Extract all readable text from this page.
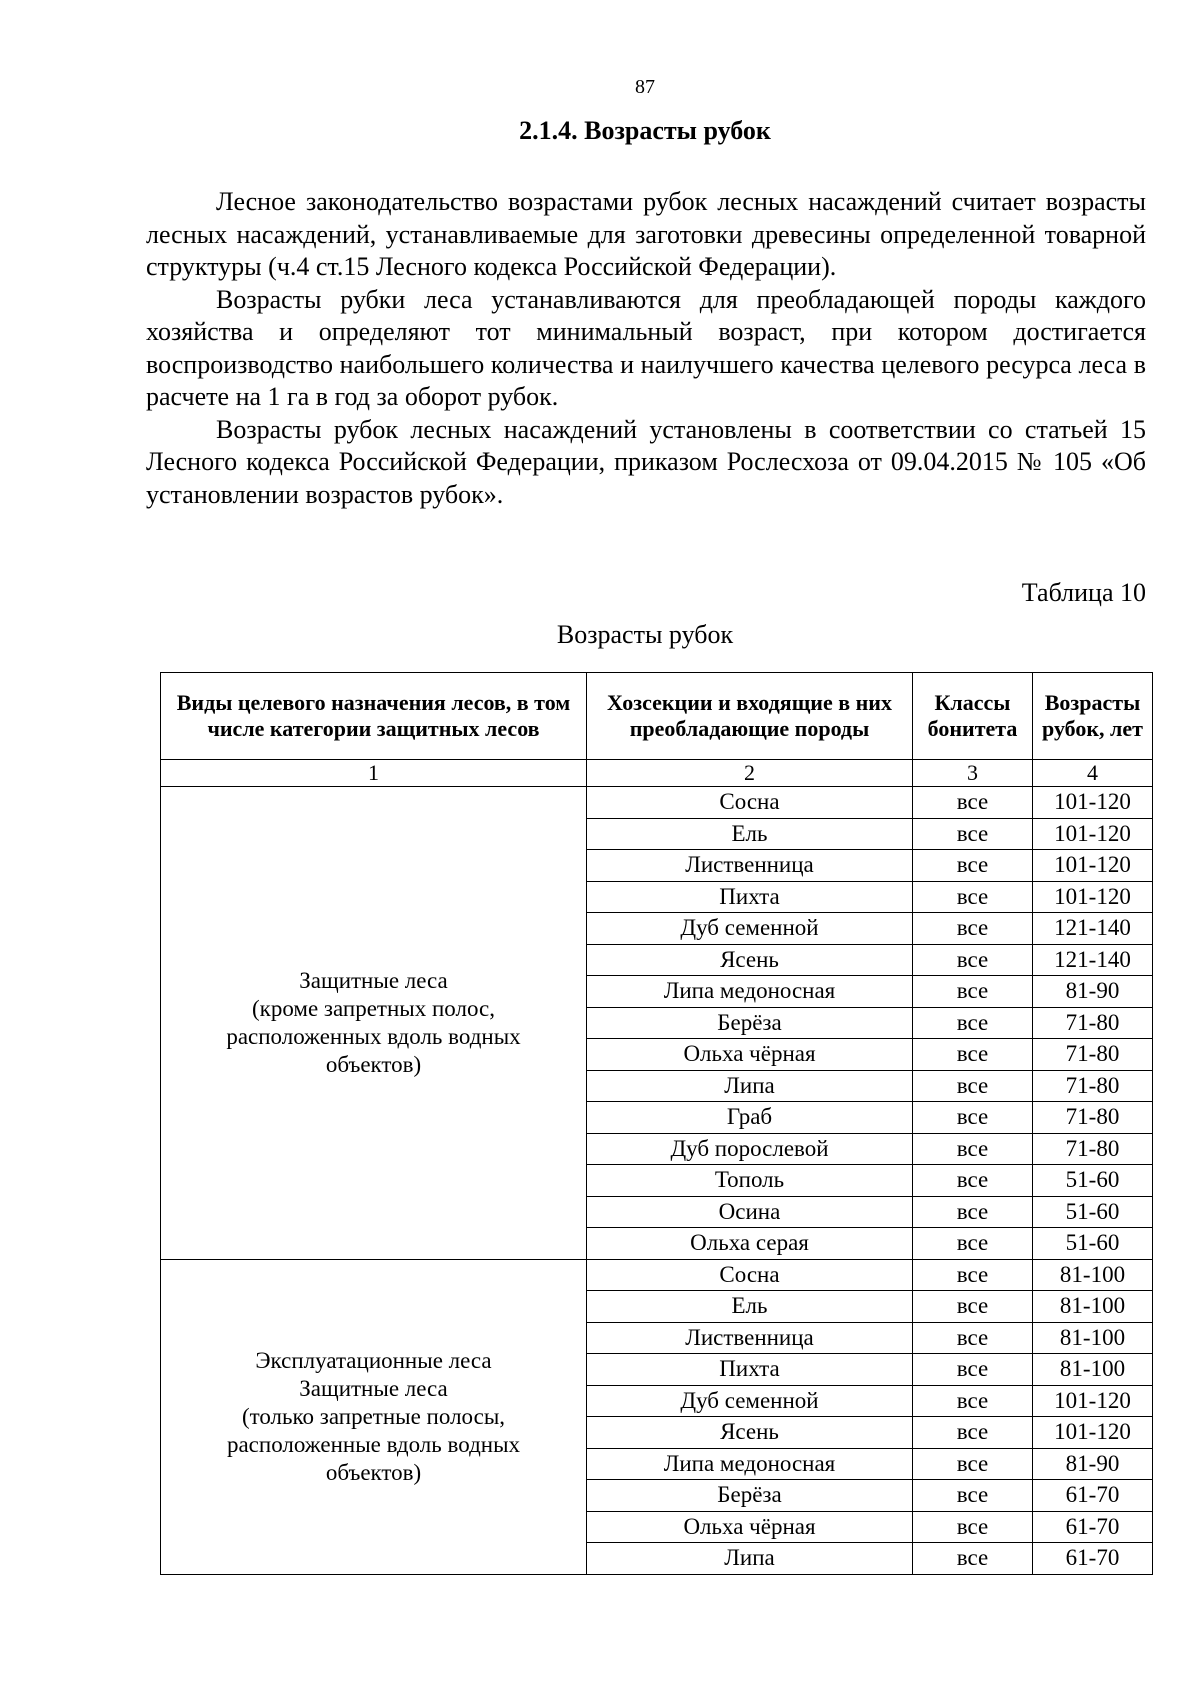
87
2.1.4. Возрасты рубок

Лесное законодательство возрастами рубок лесных насаждений считает возрасты лесных насаждений, устанавливаемые для заготовки древесины определенной товарной структуры (ч.4 ст.15 Лесного кодекса Российской Федерации).

Возрасты рубки леса устанавливаются для преобладающей породы каждого хозяйства и определяют тот минимальный возраст, при котором достигается воспроизводство наибольшего количества и наилучшего качества целевого ресурса леса в расчете на 1 га в год за оборот рубок.

Возрасты рубок лесных насаждений установлены в соответствии со статьей 15 Лесного кодекса Российской Федерации, приказом Рослесхоза от 09.04.2015 № 105 «Об установлении возрастов рубок».

Таблица 10
Возрасты рубок
Виды целевого назначения лесов, в том числе категории защитных лесов	Хозсекции и входящие в них преобладающие породы	Классы бонитета	Возрасты рубок, лет
1	2	3	4

Защитные леса
(кроме запретных полос,
расположенных вдоль водных
объектов)	Сосна	все	101-120
	Ель	все	101-120
	Лиственница	все	101-120
	Пихта	все	101-120
	Дуб семенной	все	121-140
	Ясень	все	121-140
	Липа медоносная	все	81-90
	Берёза	все	71-80
	Ольха чёрная	все	71-80
	Липа	все	71-80
	Граб	все	71-80
	Дуб порослевой	все	71-80
	Тополь	все	51-60
	Осина	все	51-60
	Ольха серая	все	51-60

Эксплуатационные леса
Защитные леса
(только запретные полосы,
расположенные вдоль водных
объектов)	Сосна	все	81-100
	Ель	все	81-100
	Лиственница	все	81-100
	Пихта	все	81-100
	Дуб семенной	все	101-120
	Ясень	все	101-120
	Липа медоносная	все	81-90
	Берёза	все	61-70
	Ольха чёрная	все	61-70
	Липа	все	61-70
